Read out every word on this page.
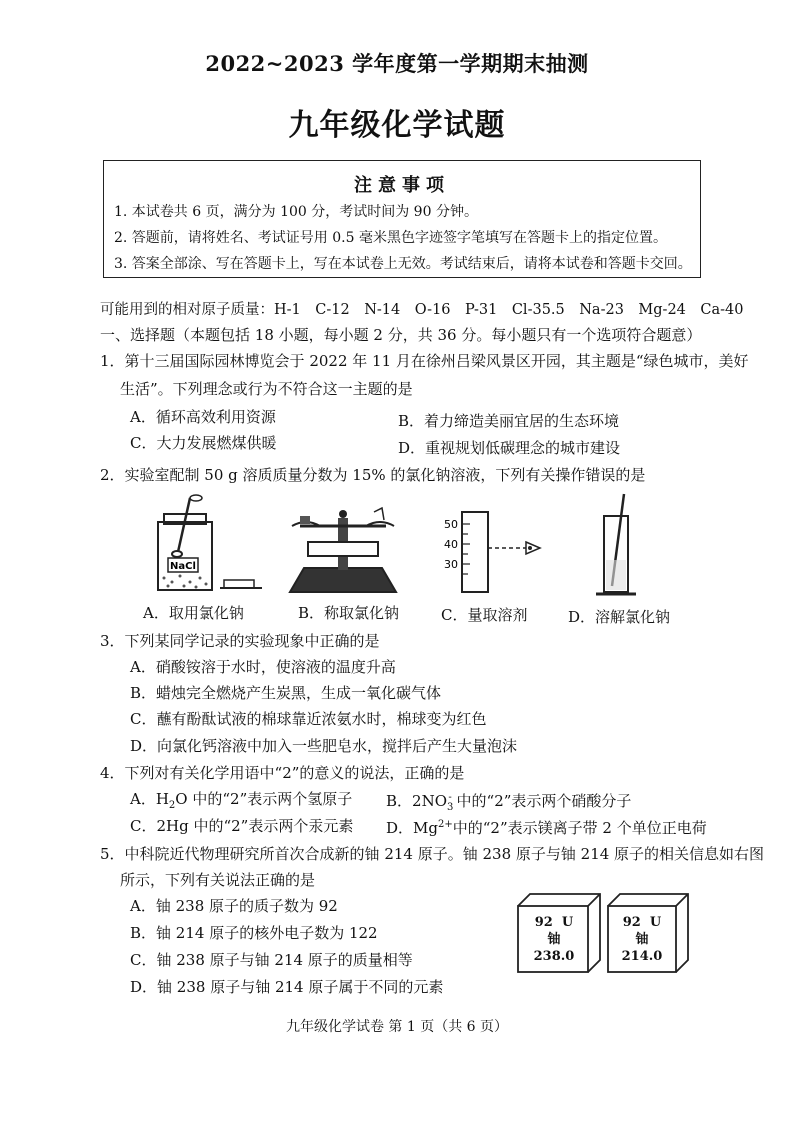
2022~2023 学年度第一学期期末抽测
九年级化学试题
注意事项
1. 本试卷共 6 页，满分为 100 分，考试时间为 90 分钟。
2. 答题前，请将姓名、考试证号用 0.5 毫米黑色字迹签字笔填写在答题卡上的指定位置。
3. 答案全部涂、写在答题卡上，写在本试卷上无效。考试结束后，请将本试卷和答题卡交回。
可能用到的相对原子质量：H-1　C-12　N-14　O-16　P-31　Cl-35.5　Na-23　Mg-24　Ca-40
一、选择题（本题包括 18 小题，每小题 2 分，共 36 分。每小题只有一个选项符合题意）
1．第十三届国际园林博览会于 2022 年 11 月在徐州吕梁风景区开园，其主题是“绿色城市，美好
生活”。下列理念或行为不符合这一主题的是
A．循环高效利用资源	B．着力缔造美丽宜居的生态环境
C．大力发展燃煤供暖	D．重视规划低碳理念的城市建设
2．实验室配制 50 g 溶质质量分数为 15% 的氯化钠溶液，下列有关操作错误的是
NaCl
50
40
30
A．取用氯化钠	B．称取氯化钠	C．量取溶剂	D．溶解氯化钠
3．下列某同学记录的实验现象中正确的是
A．硝酸铵溶于水时，使溶液的温度升高
B．蜡烛完全燃烧产生炭黑，生成一氧化碳气体
C．蘸有酚酞试液的棉球靠近浓氨水时，棉球变为红色
D．向氯化钙溶液中加入一些肥皂水，搅拌后产生大量泡沫
4．下列对有关化学用语中“2”的意义的说法，正确的是
A．$H_2O$ 中的“2”表示两个氢原子 B．$2NO_3^-$ 中的“2”表示两个硝酸分子
C．2Hg 中的“2”表示两个汞元素 D．$Mg^{2+}$中的“2”表示镁离子带 2 个单位正电荷
5．中科院近代物理研究所首次合成新的铀 214 原子。铀 238 原子与铀 214 原子的相关信息如右图
所示，下列有关说法正确的是
A．铀 238 原子的质子数为 92
B．铀 214 原子的核外电子数为 122
C．铀 238 原子与铀 214 原子的质量相等
D．铀 238 原子与铀 214 原子属于不同的元素
92 U
铀
238.0
92 U
铀
214.0
九年级化学试卷 第 1 页（共 6 页）
